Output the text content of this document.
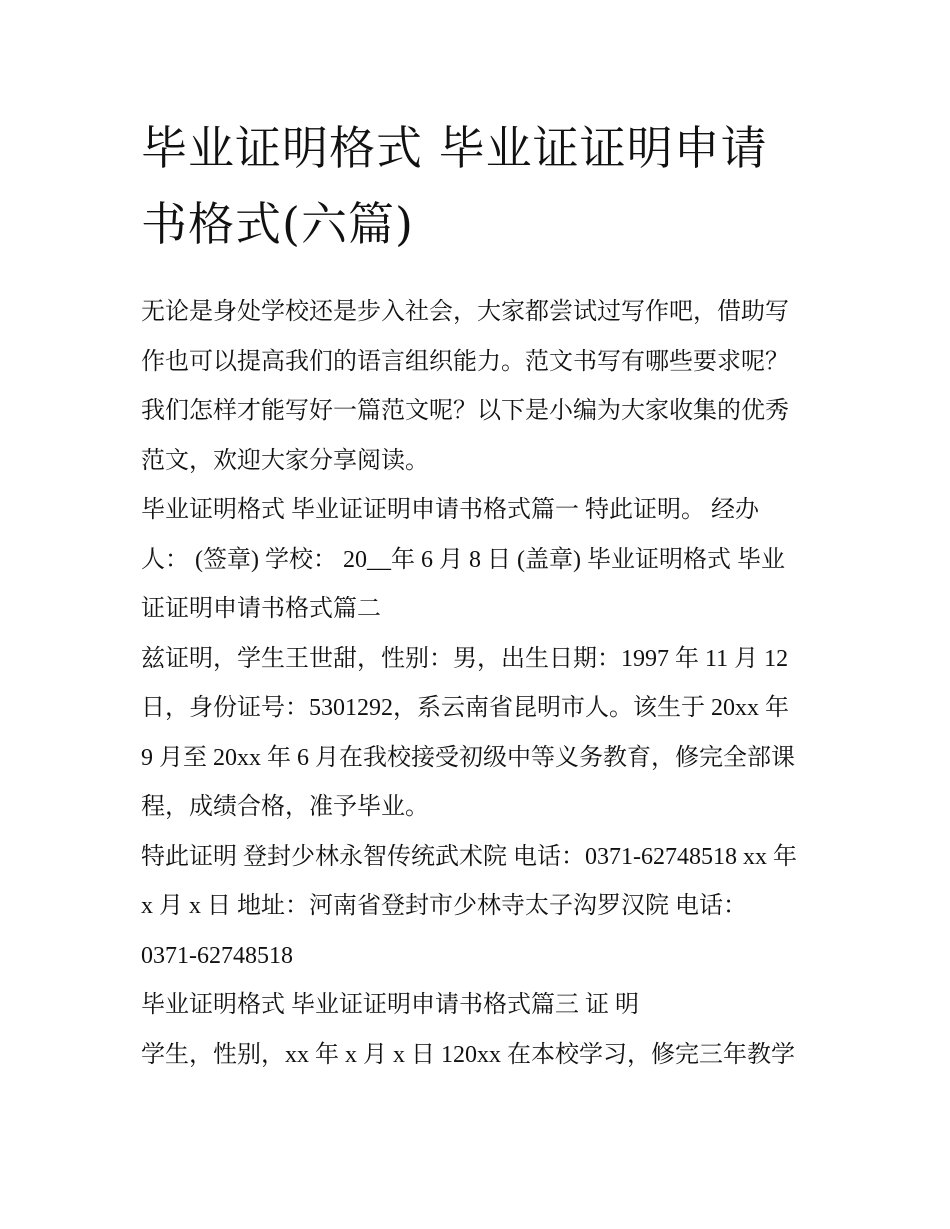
毕业证明格式 毕业证证明申请
书格式(六篇)

无论是身处学校还是步入社会，大家都尝试过写作吧，借助写
作也可以提高我们的语言组织能力。范文书写有哪些要求呢？
我们怎样才能写好一篇范文呢？以下是小编为大家收集的优秀
范文，欢迎大家分享阅读。

毕业证明格式 毕业证证明申请书格式篇一 特此证明。 经办
人： (签章) 学校： 20__年 6 月 8 日 (盖章) 毕业证明格式 毕业
证证明申请书格式篇二

兹证明，学生王世甜，性别：男，出生日期：1997 年 11 月 12
日，身份证号：5301292，系云南省昆明市人。该生于 20xx 年
9 月至 20xx 年 6 月在我校接受初级中等义务教育，修完全部课
程，成绩合格，准予毕业。

特此证明 登封少林永智传统武术院 电话：0371-62748518 xx 年
x 月 x 日 地址：河南省登封市少林寺太子沟罗汉院 电话：
0371-62748518

毕业证明格式 毕业证证明申请书格式篇三 证 明

学生，性别，xx 年 x 月 x 日 120xx 在本校学习，修完三年教学
